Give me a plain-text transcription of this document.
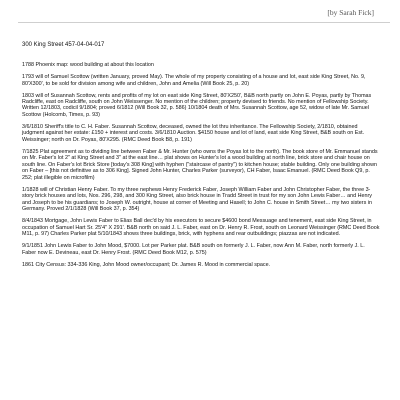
[by Sarah Fick]
300 King Street 457-04-04-017

1788 Phoenix map: wood building at about this location

1793 will of Samuel Scottow (written January, proved May). The whole of my property consisting of a house and lot, east side King Street, No. 9, 80'X300', to be sold for division among wife and children, John and Amelia (Will Book 25, p. 20)

1803 will of Susannah Scottow, rents and profits of my lot on east side King Street, 80'X250', B&B north partly on John E. Poyas, partly by Thomas Radcliffe, east on Radcliffe, south on John Weissenger. No mention of the children; property devised to friends. No mention of Fellowship Society. Written 12/1803, codicil 9/1804; proved 6/1812 (Will Book 32, p. 586) 10/1804 death of Mrs. Susannah Scottow, age 52, widow of late Mr. Samuel Scottow (Holcomb, Times, p. 93)

3/6/1810 Sheriff's title to C. H. Faber. Susannah Scottow, deceased, owned the lot thru inheritance. The Fellowship Society, 2/1810, obtained judgment against her estate: £150 + interest and costs. 3/6/1810 Auction. $4150 house and lot of land, east side King Street, B&B south on Est. Weissinger; north on Dr. Poyas, 80'X295. (RMC Deed Book B8, p. 191)

7/1825 Plat agreement as to dividing line between Faber & Mr. Hunter (who owns the Poyas lot to the north). The book store of Mr. Emmanuel stands on Mr. Faber's lot 2" at King Street and 3" at the east line… plat shows on Hunter's lot a wood building at north line, brick store and chair house on south line. On Faber's lot Brick Store [today's 308 King] with hyphen ("staircase of pantry") to kitchen house; stable building. Only one building shown on Faber – [this not definitive as to 306 King]. Signed John Hunter, Charles Parker (surveyor), CH Faber, Isaac Emanuel. (RMC Deed Book Q9, p. 252; plat illegible on microfilm)

1/1828 will of Christian Henry Faber. To my three nephews Henry Frederick Faber, Joseph William Faber and John Christopher Faber, the three 3-story brick houses and lots, Nos. 296, 298, and 300 King Street, also brick house in Tradd Street in trust for my son John Lewis Faber… and Henry and Joseph to be his guardians; to Joseph W. outright, house at corner of Meeting and Hasell; to John C. house in Smith Street… my two sisters in Germany. Proved 2/1/1828 (Will Book 37, p. 354)

8/4/1843 Mortgage, John Lewis Faber to Elias Ball dec'd by his executors to secure $4600 bond Messuage and tenement, east side King Street, in occupation of Samuel Hart Sr. 25'4" X 291'. B&B north on said J. L. Faber, east on Dr. Henry R. Frost, south on Leonard Weissinger (RMC Deed Book M11, p. 97) Charles Parker plat 5/10/1843 shows three buildings, brick, with hyphens and rear outbuildings; piazzas are not indicated.

9/1/1851 John Lewis Faber to John Mood, $7000. Lot per Parker plat. B&B south on formerly J. L. Faber, now Ann M. Faber, north formerly J. L. Faber now E. Devineau, east Dr. Henry Frost. (RMC Deed Book M12, p. 575)

1861 City Census: 334-336 King, John Mood owner/occupant; Dr. James R. Mood in commercial space.
